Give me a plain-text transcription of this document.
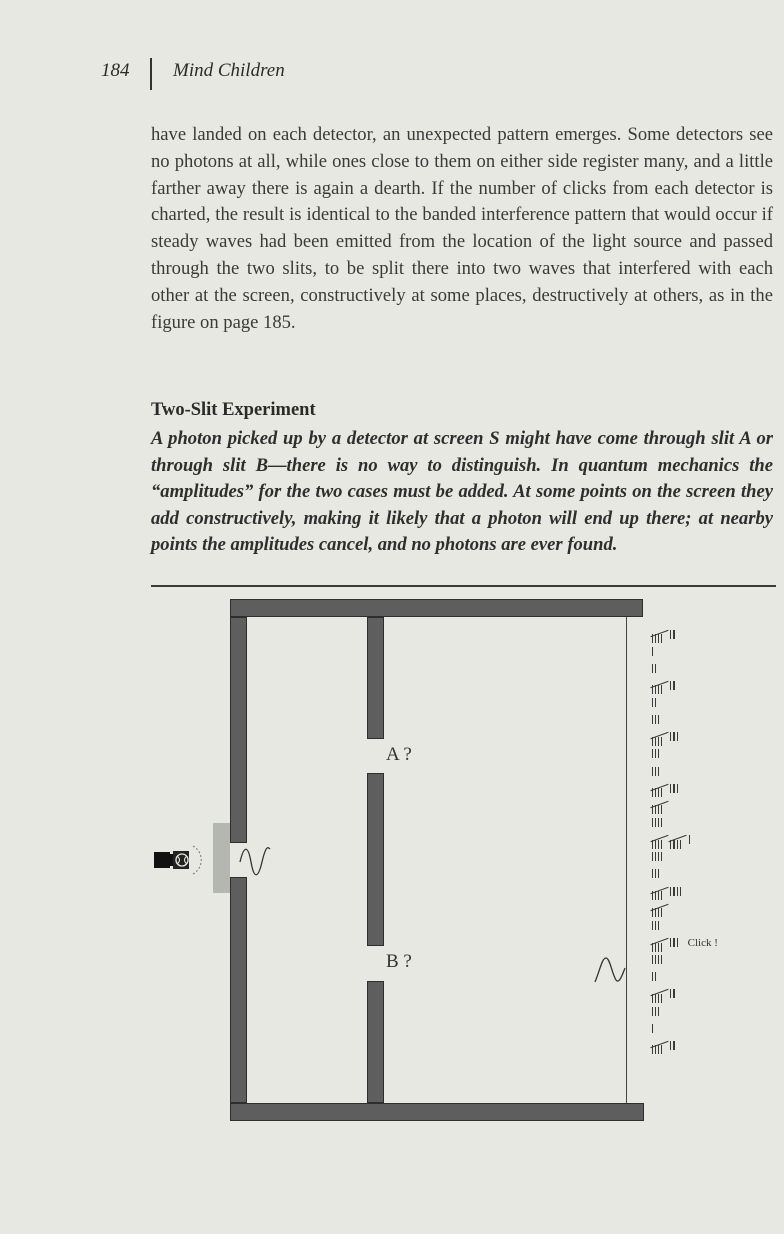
184 Mind Children

have landed on each detector, an unexpected pattern emerges. Some detectors see no photons at all, while ones close to them on either side register many, and a little farther away there is again a dearth. If the number of clicks from each detector is charted, the result is identical to the banded interference pattern that would occur if steady waves had been emitted from the location of the light source and passed through the two slits, to be split there into two waves that interfered with each other at the screen, constructively at some places, destructively at others, as in the figure on page 185.

Two-Slit Experiment

A photon picked up by a detector at screen S might have come through slit A or through slit B—there is no way to distinguish. In quantum mechanics the “amplitudes” for the two cases must be added. At some points on the screen they add constructively, making it likely that a photon will end up there; at nearby points the amplitudes cancel, and no photons are ever found.

A ?
B ?
Click !
